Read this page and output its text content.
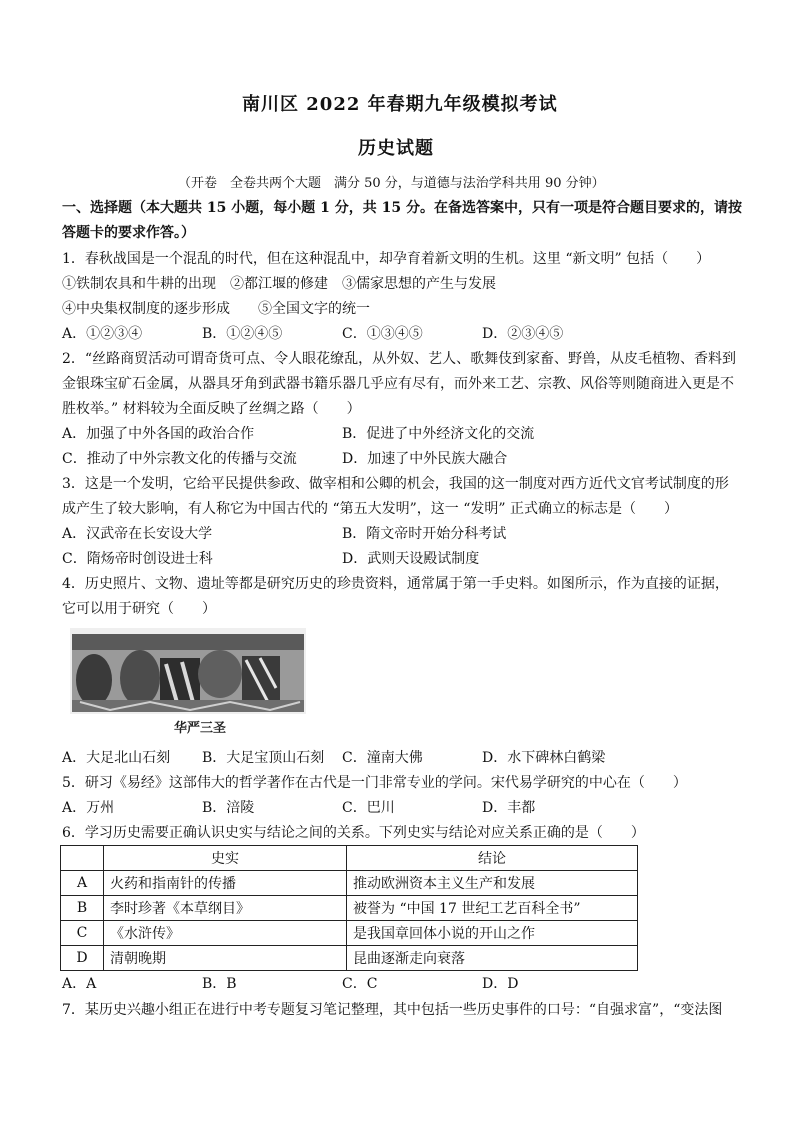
南川区 2022 年春期九年级模拟考试
历史试题
（开卷　全卷共两个大题　满分 50 分，与道德与法治学科共用 90 分钟）
一、选择题（本大题共 15 小题，每小题 1 分，共 15 分。在备选答案中，只有一项是符合题目要求的，请按
答题卡的要求作答。）
1．春秋战国是一个混乱的时代，但在这种混乱中，却孕育着新文明的生机。这里 “新文明” 包括（　　）
①铁制农具和牛耕的出现　②都江堰的修建　③儒家思想的产生与发展
④中央集权制度的逐步形成　　⑤全国文字的统一
A．①②③④	B．①②④⑤	C．①③④⑤	D．②③④⑤
2．“丝路商贸活动可谓奇货可点、令人眼花缭乱，从外奴、艺人、歌舞伎到家畜、野兽，从皮毛植物、香料到
金银珠宝矿石金属，从器具牙角到武器书籍乐器几乎应有尽有，而外来工艺、宗教、风俗等则随商进入更是不
胜枚举。” 材料较为全面反映了丝绸之路（　　）
A．加强了中外各国的政治合作	B．促进了中外经济文化的交流
C．推动了中外宗教文化的传播与交流	D．加速了中外民族大融合
3．这是一个发明，它给平民提供参政、做宰相和公卿的机会，我国的这一制度对西方近代文官考试制度的形
成产生了较大影响，有人称它为中国古代的 “第五大发明”，这一 “发明” 正式确立的标志是（　　）
A．汉武帝在长安设大学	B．隋文帝时开始分科考试
C．隋炀帝时创设进士科	D．武则天设殿试制度
4．历史照片、文物、遗址等都是研究历史的珍贵资料，通常属于第一手史料。如图所示，作为直接的证据，
它可以用于研究（　　）
华严三圣
A．大足北山石刻 B．大足宝顶山石刻 C．潼南大佛	D．水下碑林白鹤梁
5．研习《易经》这部伟大的哲学著作在古代是一门非常专业的学问。宋代易学研究的中心在（　　）
A．万州	B．涪陵	C．巴川	D．丰都
6．学习历史需要正确认识史实与结论之间的关系。下列史实与结论对应关系正确的是（　　）
	史实	结论
A	火药和指南针的传播	推动欧洲资本主义生产和发展
B	李时珍著《本草纲目》	被誉为 “中国 17 世纪工艺百科全书”
C	《水浒传》	是我国章回体小说的开山之作
D	清朝晚期	昆曲逐渐走向衰落
A．A	B．B	C．C	D．D
7．某历史兴趣小组正在进行中考专题复习笔记整理，其中包括一些历史事件的口号：“自强求富”，“变法图
